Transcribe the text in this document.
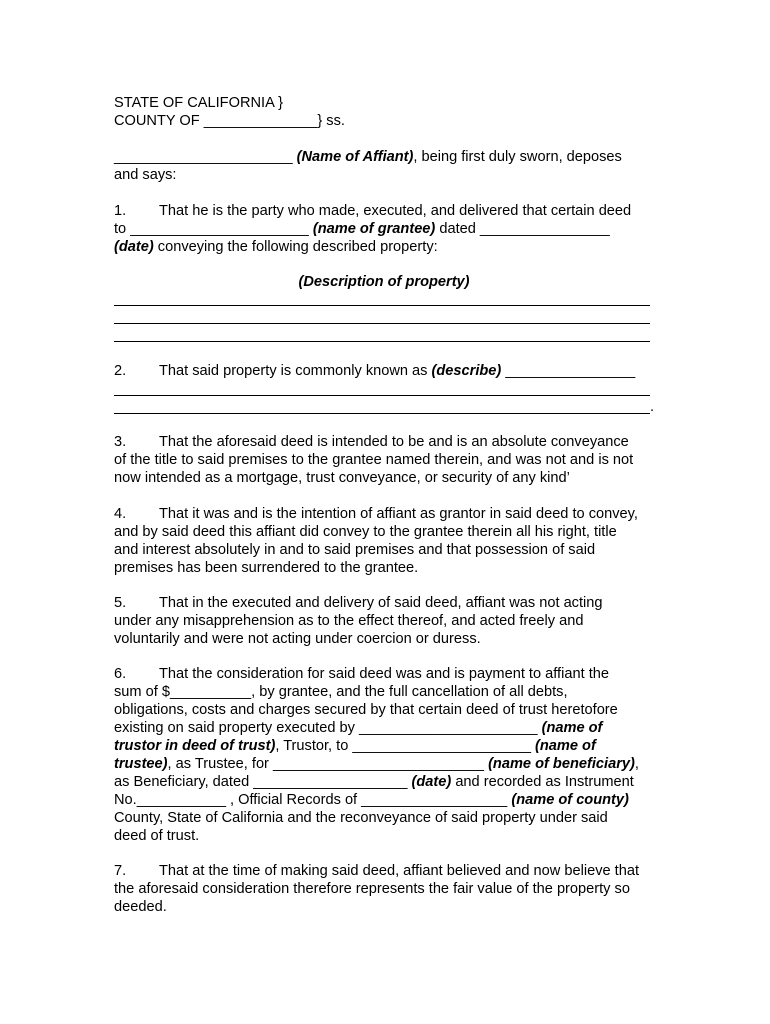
STATE OF CALIFORNIA }
COUNTY OF ______________} ss.
______________________ (Name of Affiant), being first duly sworn, deposes
and says:
1. That he is the party who made, executed, and delivered that certain deed
to ______________________ (name of grantee) dated ________________
(date) conveying the following described property:
(Description of property)
2. That said property is commonly known as (describe) ________________
.
3. That the aforesaid deed is intended to be and is an absolute conveyance
of the title to said premises to the grantee named therein, and was not and is not
now intended as a mortgage, trust conveyance, or security of any kind’
4. That it was and is the intention of affiant as grantor in said deed to convey,
and by said deed this affiant did convey to the grantee therein all his right, title
and interest absolutely in and to said premises and that possession of said
premises has been surrendered to the grantee.
5. That in the executed and delivery of said deed, affiant was not acting
under any misapprehension as to the effect thereof, and acted freely and
voluntarily and were not acting under coercion or duress.
6. That the consideration for said deed was and is payment to affiant the
sum of $__________, by grantee, and the full cancellation of all debts,
obligations, costs and charges secured by that certain deed of trust heretofore
existing on said property executed by ______________________ (name of
trustor in deed of trust), Trustor, to ______________________ (name of
trustee), as Trustee, for __________________________ (name of beneficiary),
as Beneficiary, dated ___________________ (date) and recorded as Instrument
No.___________ , Official Records of __________________ (name of county)
County, State of California and the reconveyance of said property under said
deed of trust.
7. That at the time of making said deed, affiant believed and now believe that
the aforesaid consideration therefore represents the fair value of the property so
deeded.
